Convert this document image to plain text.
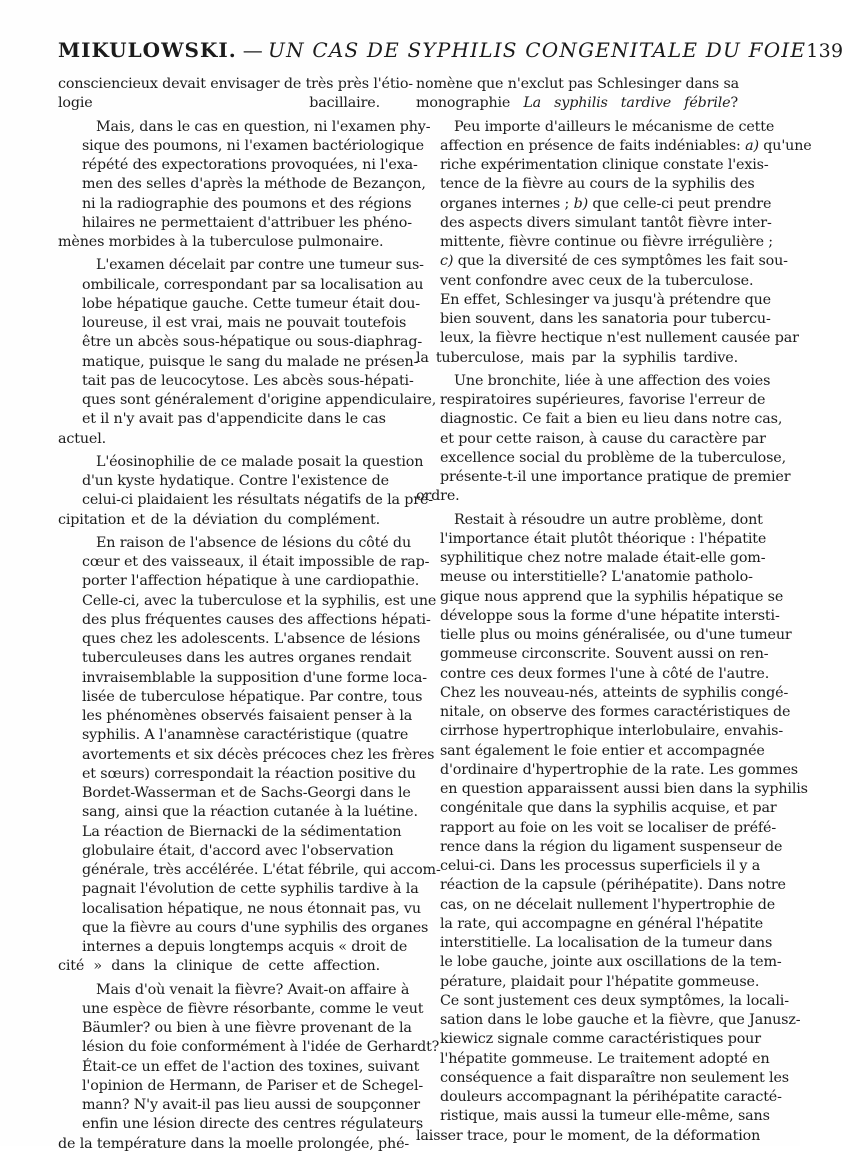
MIKULOWSKI. — UN CAS DE SYPHILIS CONGENITALE DU FOIE 139

consciencieux devait envisager de très près l'étio-
logie bacillaire.

Mais, dans le cas en question, ni l'examen phy-
sique des poumons, ni l'examen bactériologique
répété des expectorations provoquées, ni l'exa-
men des selles d'après la méthode de Bezançon,
ni la radiographie des poumons et des régions
hilaires ne permettaient d'attribuer les phéno-
mènes morbides à la tuberculose pulmonaire.

L'examen décelait par contre une tumeur sus-
ombilicale, correspondant par sa localisation au
lobe hépatique gauche. Cette tumeur était dou-
loureuse, il est vrai, mais ne pouvait toutefois
être un abcès sous-hépatique ou sous-diaphrag-
matique, puisque le sang du malade ne présen-
tait pas de leucocytose. Les abcès sous-hépati-
ques sont généralement d'origine appendiculaire,
et il n'y avait pas d'appendicite dans le cas
actuel.

L'éosinophilie de ce malade posait la question
d'un kyste hydatique. Contre l'existence de
celui-ci plaidaient les résultats négatifs de la pré-
cipitation et de la déviation du complément.

En raison de l'absence de lésions du côté du
cœur et des vaisseaux, il était impossible de rap-
porter l'affection hépatique à une cardiopathie.
Celle-ci, avec la tuberculose et la syphilis, est une
des plus fréquentes causes des affections hépati-
ques chez les adolescents. L'absence de lésions
tuberculeuses dans les autres organes rendait
invraisemblable la supposition d'une forme loca-
lisée de tuberculose hépatique. Par contre, tous
les phénomènes observés faisaient penser à la
syphilis. A l'anamnèse caractéristique (quatre
avortements et six décès précoces chez les frères
et sœurs) correspondait la réaction positive du
Bordet-Wasserman et de Sachs-Georgi dans le
sang, ainsi que la réaction cutanée à la luétine.
La réaction de Biernacki de la sédimentation
globulaire était, d'accord avec l'observation
générale, très accélérée. L'état fébrile, qui accom-
pagnait l'évolution de cette syphilis tardive à la
localisation hépatique, ne nous étonnait pas, vu
que la fièvre au cours d'une syphilis des organes
internes a depuis longtemps acquis « droit de
cité » dans la clinique de cette affection.

Mais d'où venait la fièvre? Avait-on affaire à
une espèce de fièvre résorbante, comme le veut
Bäumler? ou bien à une fièvre provenant de la
lésion du foie conformément à l'idée de Gerhardt?
Était-ce un effet de l'action des toxines, suivant
l'opinion de Hermann, de Pariser et de Schegel-
mann? N'y avait-il pas lieu aussi de soupçonner
enfin une lésion directe des centres régulateurs
de la température dans la moelle prolongée, phé-

nomène que n'exclut pas Schlesinger dans sa
monographie La syphilis tardive fébrile?

Peu importe d'ailleurs le mécanisme de cette
affection en présence de faits indéniables: a) qu'une
riche expérimentation clinique constate l'exis-
tence de la fièvre au cours de la syphilis des
organes internes ; b) que celle-ci peut prendre
des aspects divers simulant tantôt fièvre inter-
mittente, fièvre continue ou fièvre irrégulière ;
c) que la diversité de ces symptômes les fait sou-
vent confondre avec ceux de la tuberculose.
En effet, Schlesinger va jusqu'à prétendre que
bien souvent, dans les sanatoria pour tubercu-
leux, la fièvre hectique n'est nullement causée par
la tuberculose, mais par la syphilis tardive.

Une bronchite, liée à une affection des voies
respiratoires supérieures, favorise l'erreur de
diagnostic. Ce fait a bien eu lieu dans notre cas,
et pour cette raison, à cause du caractère par
excellence social du problème de la tuberculose,
présente-t-il une importance pratique de premier
ordre.

Restait à résoudre un autre problème, dont
l'importance était plutôt théorique : l'hépatite
syphilitique chez notre malade était-elle gom-
meuse ou interstitielle? L'anatomie patholo-
gique nous apprend que la syphilis hépatique se
développe sous la forme d'une hépatite intersti-
tielle plus ou moins généralisée, ou d'une tumeur
gommeuse circonscrite. Souvent aussi on ren-
contre ces deux formes l'une à côté de l'autre.
Chez les nouveau-nés, atteints de syphilis congé-
nitale, on observe des formes caractéristiques de
cirrhose hypertrophique interlobulaire, envahis-
sant également le foie entier et accompagnée
d'ordinaire d'hypertrophie de la rate. Les gommes
en question apparaissent aussi bien dans la syphilis
congénitale que dans la syphilis acquise, et par
rapport au foie on les voit se localiser de préfé-
rence dans la région du ligament suspenseur de
celui-ci. Dans les processus superficiels il y a
réaction de la capsule (périhépatite). Dans notre
cas, on ne décelait nullement l'hypertrophie de
la rate, qui accompagne en général l'hépatite
interstitielle. La localisation de la tumeur dans
le lobe gauche, jointe aux oscillations de la tem-
pérature, plaidait pour l'hépatite gommeuse.
Ce sont justement ces deux symptômes, la locali-
sation dans le lobe gauche et la fièvre, que Janusz-
kiewicz signale comme caractéristiques pour
l'hépatite gommeuse. Le traitement adopté en
conséquence a fait disparaître non seulement les
douleurs accompagnant la périhépatite caracté-
ristique, mais aussi la tumeur elle-même, sans
laisser trace, pour le moment, de la déformation
